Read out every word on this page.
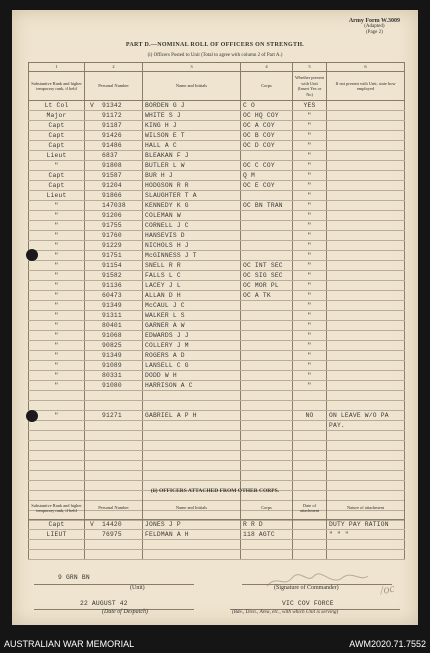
Army Form W.3009
(Adapted)
(Page 2)
PART D.—NOMINAL ROLL OF OFFICERS ON STRENGTH.
(i) Officers Posted to Unit (Total to agree with column 2 of Part A.)
1	2	3	4	5	6
Substantive Rank and higher temporary rank, if held	Personal Number	Name and Initials	Corps	Whether present with Unit (Insert Yes or No)	If not present with Unit, state how employed
Lt Col	V 91342	BORDEN G J	C O	YES	
Major	91172	WHITE S J	OC HQ COY	"	
Capt	91187	KING H J	OC A COY	"	
Capt	91426	WILSON E T	OC B COY	"	
Capt	91486	HALL A C	OC D COY	"	
Lieut	6837	BLEAKAN F J		"	
"	91808	BUTLER L W	OC C COY	"	
Capt	91587	BUR H J	Q M	"	
Capt	91204	HODGSON R R	OC E COY	"	
Lieut	91866	SLAUGHTER T A		"	
"	147038	KENNEDY K G	OC BN TRAN	"	
"	91206	COLEMAN W		"	
"	91755	CORNELL J C		"	
"	91760	HANSEVIS D		"	
"	91229	NICHOLS H J		"	
"	91751	McGINNESS J T		"	
"	91154	SNELL R R	OC INT SEC	"	
"	91582	FALLS L C	OC SIG SEC	"	
"	91136	LACEY J L	OC MOR PL	"	
"	60473	ALLAN D H	OC A TK	"	
"	91349	McCAUL J C		"	
"	91311	WALKER L S		"	
"	80401	GARNER A W		"	
"	91068	EDWARDS J J		"	
"	90825	COLLERY J M		"	
"	91349	ROGERS A D		"	
"	91089	LANSELL C G		"	
"	80331	DODD W H		"	
"	91080	HARRISON A C		"	

"	91271	GABRIEL A P H		NO	ON LEAVE W/O PA
					PAY.

(ii) OFFICERS ATTACHED FROM OTHER CORPS.
Substantive Rank and higher temporary rank, if held	Personal Number	Name and Initials	Corps	Date of attachment	Nature of attachment
Capt	V 14420	JONES J P	R R D		DUTY PAY RATION
LIEUT	76975	FELDMAN A H	118 AGTC		" " "

9 GRN BN
(Unit)	/oc
(Signature of Commander)
22 AUGUST 42
(Date of Despatch)
VIC COV FORCE
(Bde., Divn., Area, etc., with which Unit is serving)
AUSTRALIAN WAR MEMORIAL	AWM2020.71.7552
